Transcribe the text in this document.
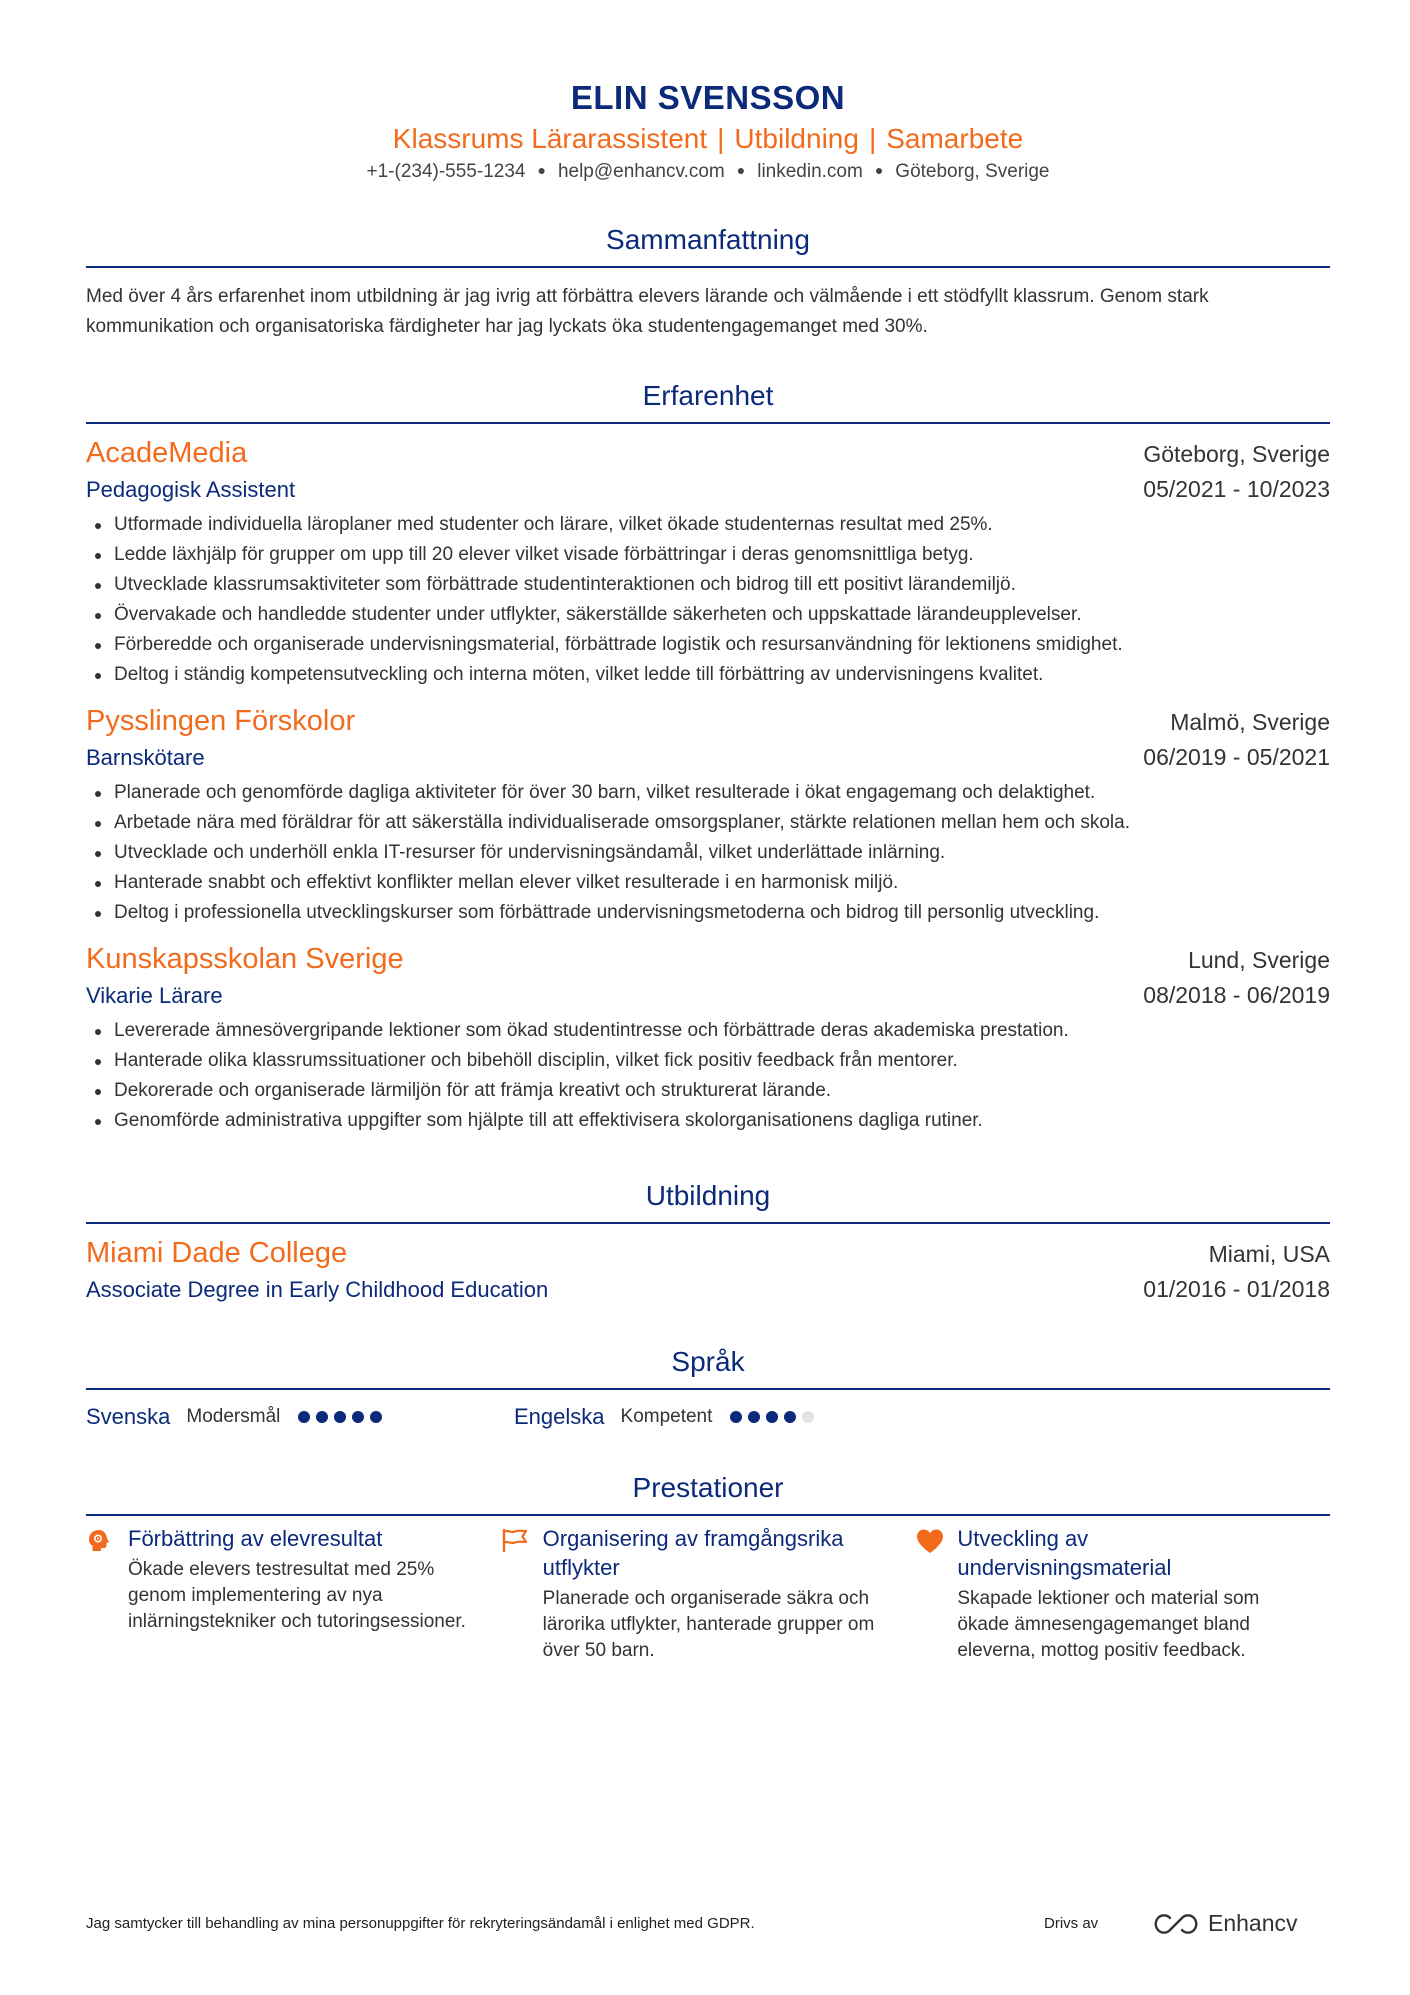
ELIN SVENSSON
Klassrums Lärarassistent | Utbildning | Samarbete
+1-(234)-555-1234 ● help@enhancv.com ● linkedin.com ● Göteborg, Sverige
Sammanfattning
Med över 4 års erfarenhet inom utbildning är jag ivrig att förbättra elevers lärande och välmående i ett stödfyllt klassrum. Genom stark kommunikation och organisatoriska färdigheter har jag lyckats öka studentengagemanget med 30%.
Erfarenhet
AcadeMedia	Göteborg, Sverige
Pedagogisk Assistent	05/2021 - 10/2023
Utformade individuella läroplaner med studenter och lärare, vilket ökade studenternas resultat med 25%.
Ledde läxhjälp för grupper om upp till 20 elever vilket visade förbättringar i deras genomsnittliga betyg.
Utvecklade klassrumsaktiviteter som förbättrade studentinteraktionen och bidrog till ett positivt lärandemiljö.
Övervakade och handledde studenter under utflykter, säkerställde säkerheten och uppskattade lärandeupplevelser.
Förberedde och organiserade undervisningsmaterial, förbättrade logistik och resursanvändning för lektionens smidighet.
Deltog i ständig kompetensutveckling och interna möten, vilket ledde till förbättring av undervisningens kvalitet.
Pysslingen Förskolor	Malmö, Sverige
Barnskötare	06/2019 - 05/2021
Planerade och genomförde dagliga aktiviteter för över 30 barn, vilket resulterade i ökat engagemang och delaktighet.
Arbetade nära med föräldrar för att säkerställa individualiserade omsorgsplaner, stärkte relationen mellan hem och skola.
Utvecklade och underhöll enkla IT-resurser för undervisningsändamål, vilket underlättade inlärning.
Hanterade snabbt och effektivt konflikter mellan elever vilket resulterade i en harmonisk miljö.
Deltog i professionella utvecklingskurser som förbättrade undervisningsmetoderna och bidrog till personlig utveckling.
Kunskapsskolan Sverige	Lund, Sverige
Vikarie Lärare	08/2018 - 06/2019
Levererade ämnesövergripande lektioner som ökad studentintresse och förbättrade deras akademiska prestation.
Hanterade olika klassrumssituationer och bibehöll disciplin, vilket fick positiv feedback från mentorer.
Dekorerade och organiserade lärmiljön för att främja kreativt och strukturerat lärande.
Genomförde administrativa uppgifter som hjälpte till att effektivisera skolorganisationens dagliga rutiner.
Utbildning
Miami Dade College	Miami, USA
Associate Degree in Early Childhood Education	01/2016 - 01/2018
Språk
Svenska Modersmål	Engelska Kompetent
Prestationer
Förbättring av elevresultat
Ökade elevers testresultat med 25% genom implementering av nya inlärningstekniker och tutoringsessioner.
Organisering av framgångsrika utflykter
Planerade och organiserade säkra och lärorika utflykter, hanterade grupper om över 50 barn.
Utveckling av undervisningsmaterial
Skapade lektioner och material som ökade ämnesengagemanget bland eleverna, mottog positiv feedback.
Jag samtycker till behandling av mina personuppgifter för rekryteringsändamål i enlighet med GDPR.	Drivs av	Enhancv
